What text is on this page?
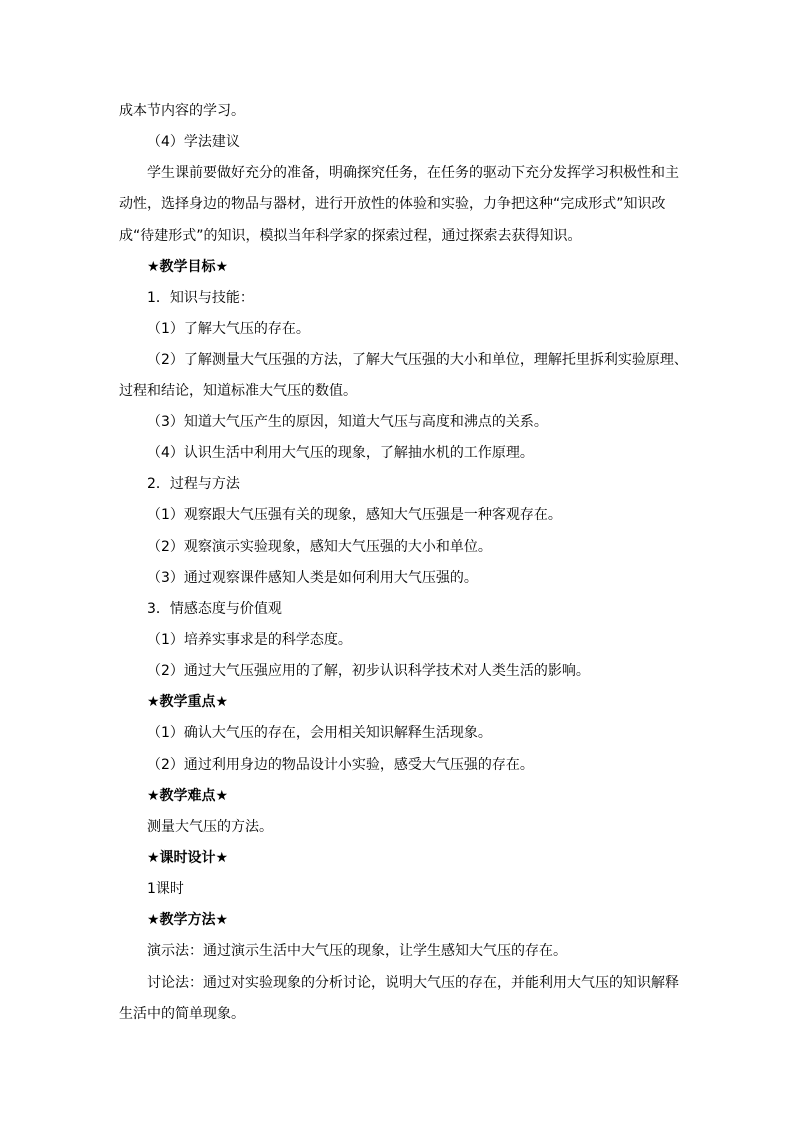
成本节内容的学习。
（4）学法建议
学生课前要做好充分的准备，明确探究任务，在任务的驱动下充分发挥学习积极性和主
动性，选择身边的物品与器材，进行开放性的体验和实验，力争把这种“完成形式”知识改
成“待建形式”的知识，模拟当年科学家的探索过程，通过探索去获得知识。
★教学目标★
1．知识与技能：
（1）了解大气压的存在。
（2）了解测量大气压强的方法，了解大气压强的大小和单位，理解托里拆利实验原理、
过程和结论，知道标准大气压的数值。
（3）知道大气压产生的原因，知道大气压与高度和沸点的关系。
（4）认识生活中利用大气压的现象，了解抽水机的工作原理。
2．过程与方法
（1）观察跟大气压强有关的现象，感知大气压强是一种客观存在。
（2）观察演示实验现象，感知大气压强的大小和单位。
（3）通过观察课件感知人类是如何利用大气压强的。
3．情感态度与价值观
（1）培养实事求是的科学态度。
（2）通过大气压强应用的了解，初步认识科学技术对人类生活的影响。
★教学重点★
（1）确认大气压的存在，会用相关知识解释生活现象。
（2）通过利用身边的物品设计小实验，感受大气压强的存在。
★教学难点★
测量大气压的方法。
★课时设计★
1课时
★教学方法★
演示法：通过演示生活中大气压的现象，让学生感知大气压的存在。
讨论法：通过对实验现象的分析讨论，说明大气压的存在，并能利用大气压的知识解释
生活中的简单现象。
